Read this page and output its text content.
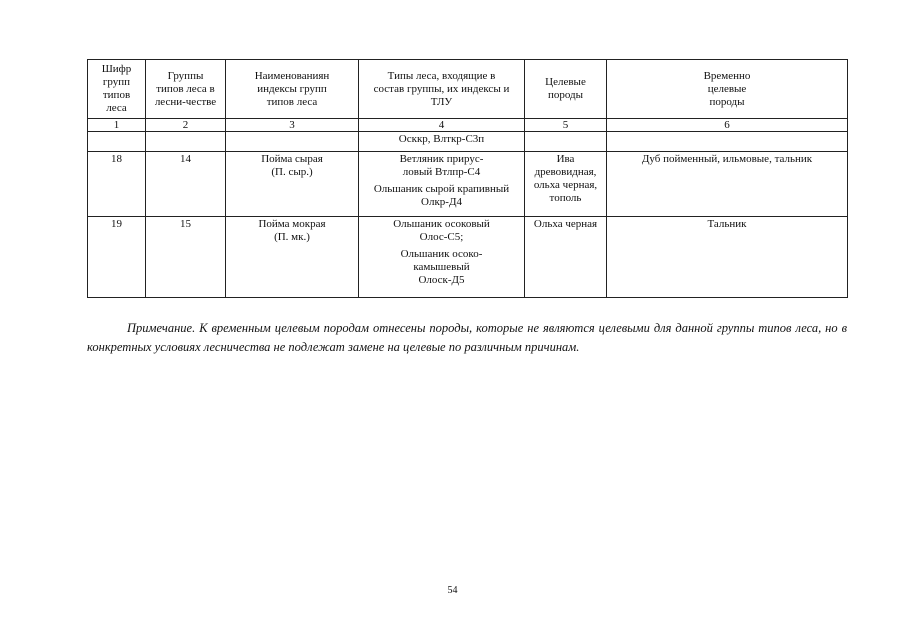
Шифр
групп
типов
леса	Группы
типов леса в
лесни-честве	Наименованиян
индексы групп
типов леса	Типы леса, входящие в
состав группы, их индексы и
ТЛУ	Целевые
породы	Временно
целевые
породы

1	2	3	4	5	6
			Осккр, Влткр-С3п		
18	14	Пойма сырая
(П. сыр.)	Ветляник прирус-
ловый Втлпр-С4
Ольшаник сырой крапивный
Олкр-Д4	Ива
древовидная,
ольха черная,
тополь	Дуб пойменный, ильмовые, тальник
19	15	Пойма мокрая
(П. мк.)	Ольшаник осоковый
Олос-С5;
Ольшаник осоко-
камышевый
Олоск-Д5	Ольха черная	Тальник
Примечание. К временным целевым породам отнесены породы, которые не являются целевыми для данной группы типов леса, но в конкретных условиях лесничества не подлежат замене на целевые по различным причинам.
54
